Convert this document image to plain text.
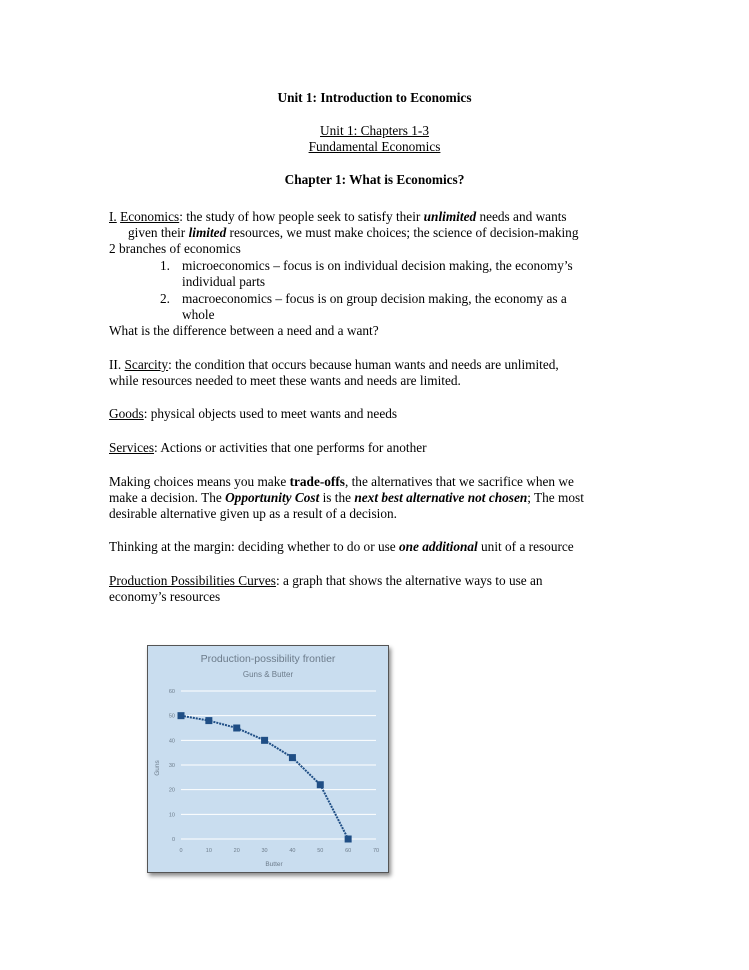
Unit 1: Introduction to Economics
Unit 1: Chapters 1-3
Fundamental Economics
Chapter 1: What is Economics?
I. Economics: the study of how people seek to satisfy their unlimited needs and wants
given their limited resources, we must make choices; the science of decision-making
2 branches of economics
1. microeconomics – focus is on individual decision making, the economy’s
individual parts
2. macroeconomics – focus is on group decision making, the economy as a
whole
What is the difference between a need and a want?
II. Scarcity: the condition that occurs because human wants and needs are unlimited,
while resources needed to meet these wants and needs are limited.
Goods: physical objects used to meet wants and needs
Services: Actions or activities that one performs for another
Making choices means you make trade-offs, the alternatives that we sacrifice when we
make a decision. The Opportunity Cost is the next best alternative not chosen; The most
desirable alternative given up as a result of a decision.
Thinking at the margin: deciding whether to do or use one additional unit of a resource
Production Possibilities Curves: a graph that shows the alternative ways to use an
economy’s resources
Production-possibility frontier
Guns & Butter
Butter
Guns
0
10
20
30
40
50
60
0	10	20	30	40	50	60	70
